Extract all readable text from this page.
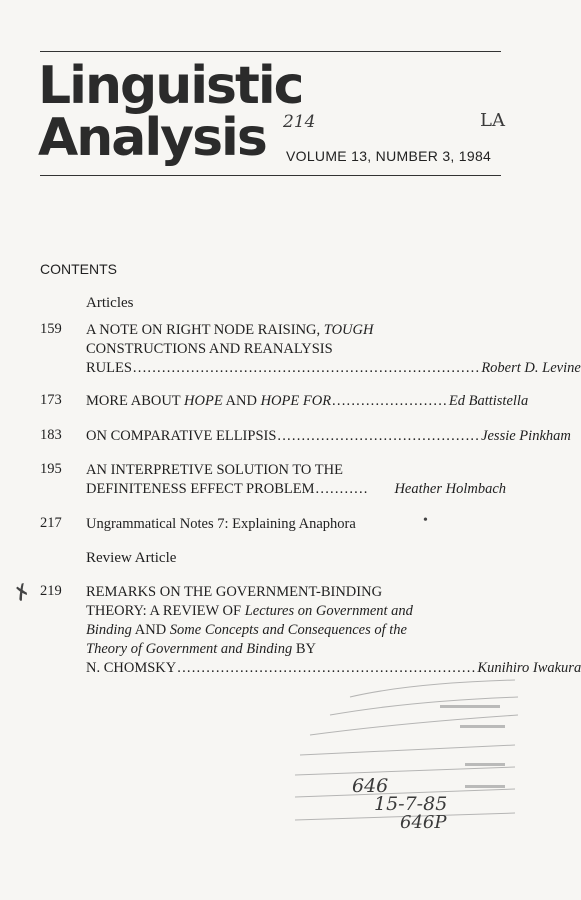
Linguistic
Analysis 214	LA
VOLUME 13, NUMBER 3, 1984
CONTENTS
Articles
159	A NOTE ON RIGHT NODE RAISING, TOUGH
CONSTRUCTIONS AND REANALYSIS
RULES ........................................................................ Robert D. Levine
173	MORE ABOUT HOPE AND HOPE FOR ........................ Ed Battistella
183	ON COMPARATIVE ELLIPSIS .......................................... Jessie Pinkham
195	AN INTERPRETIVE SOLUTION TO THE
DEFINITENESS EFFECT PROBLEM ...........	Heather Holmbach
217	Ungrammatical Notes 7: Explaining Anaphora	•
Review Article
✗ 219	REMARKS ON THE GOVERNMENT-BINDING
THEORY: A REVIEW OF Lectures on Government and
Binding AND Some Concepts and Consequences of the
Theory of Government and Binding BY
N. CHOMSKY .............................................................. Kunihiro Iwakura
646
15-7-85
646P
